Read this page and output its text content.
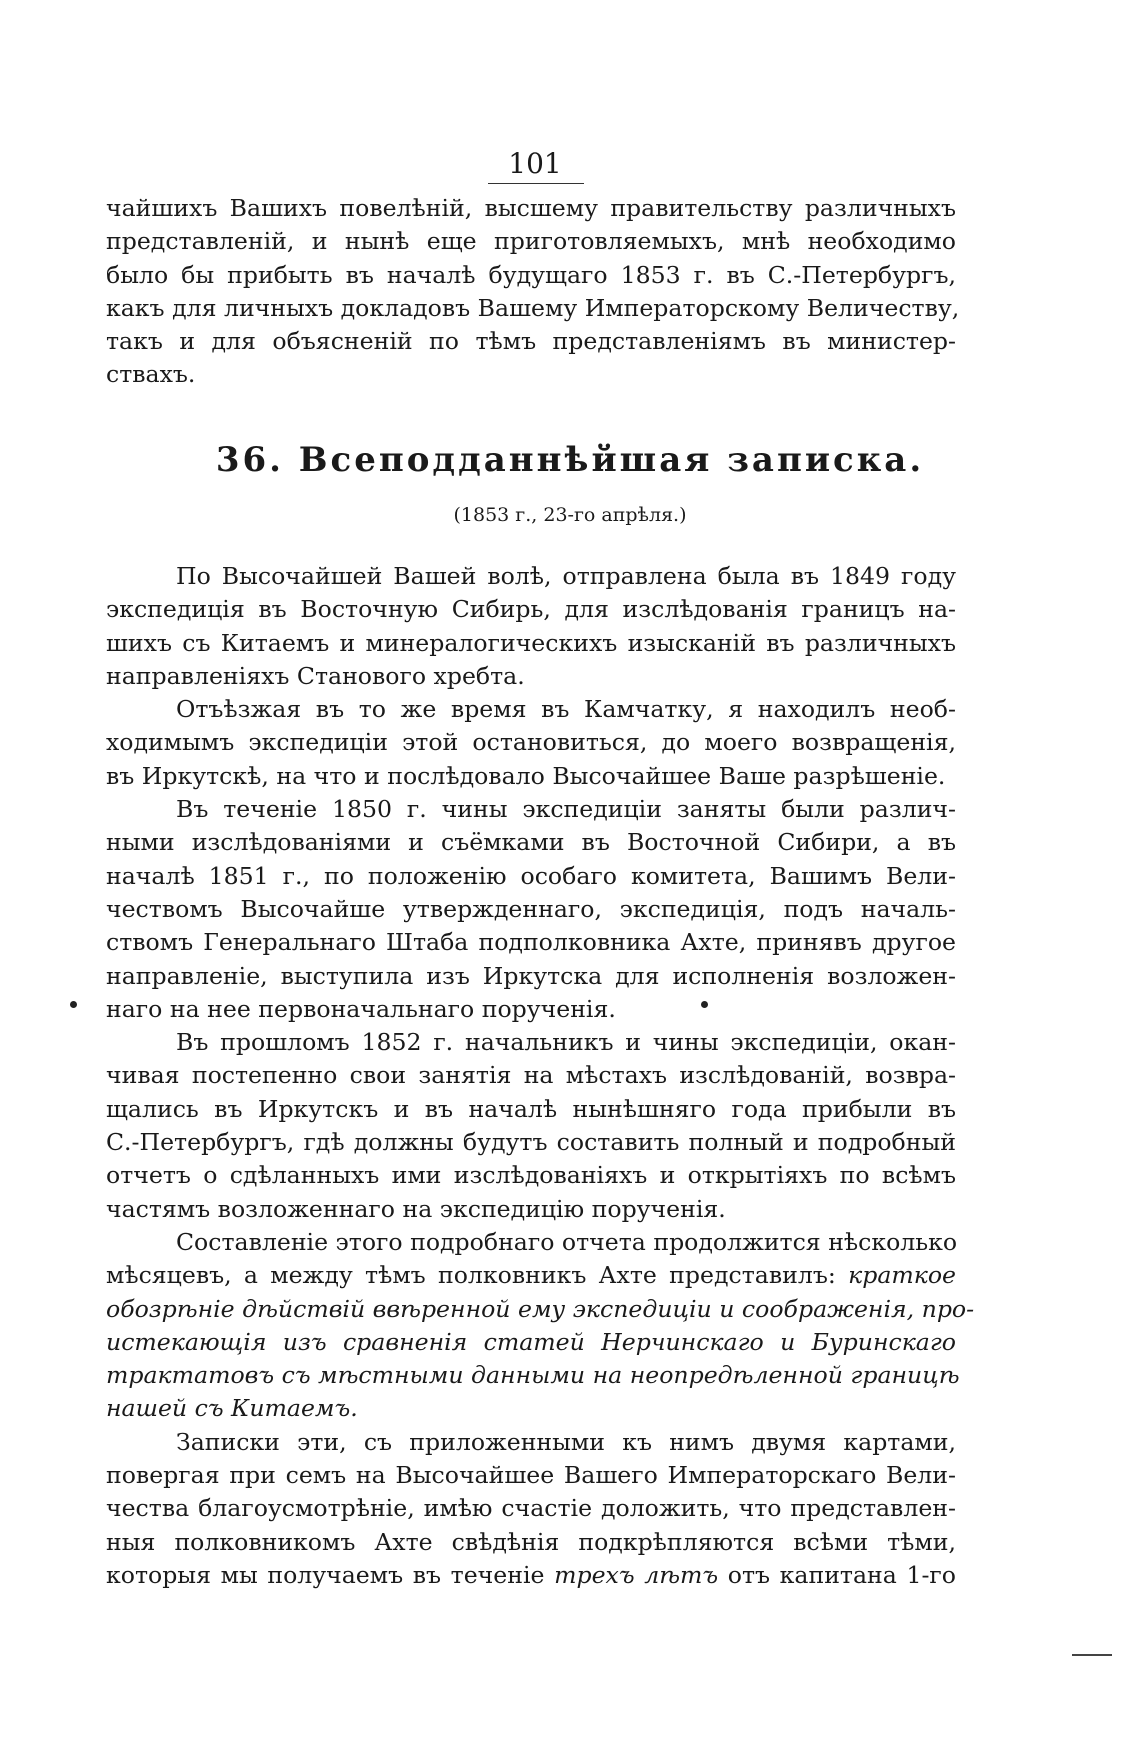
101
чайшихъ Вашихъ повелѣній, высшему правительству различныхъ
представленій, и нынѣ еще приготовляемыхъ, мнѣ необходимо
было бы прибыть въ началѣ будущаго 1853 г. въ С.-Петербургъ,
какъ для личныхъ докладовъ Вашему Императорскому Величеству,
такъ и для объясненій по тѣмъ представленіямъ въ министер-
ствахъ.
36. Всеподданнѣйшая записка.
(1853 г., 23-го апрѣля.)
По Высочайшей Вашей волѣ, отправлена была въ 1849 году
экспедиція въ Восточную Сибирь, для изслѣдованія границъ на-
шихъ съ Китаемъ и минералогическихъ изысканій въ различныхъ
направленіяхъ Станового хребта.
Отъѣзжая въ то же время въ Камчатку, я находилъ необ-
ходимымъ экспедиціи этой остановиться, до моего возвращенія,
въ Иркутскѣ, на что и послѣдовало Высочайшее Ваше разрѣшеніе.
Въ теченіе 1850 г. чины экспедиціи заняты были различ-
ными изслѣдованіями и съёмками въ Восточной Сибири, а въ
началѣ 1851 г., по положенію особаго комитета, Вашимъ Вели-
чествомъ Высочайше утвержденнаго, экспедиція, подъ началь-
ствомъ Генеральнаго Штаба подполковника Ахте, принявъ другое
направленіе, выступила изъ Иркутска для исполненія возложен-
наго на нее первоначальнаго порученія.
Въ прошломъ 1852 г. начальникъ и чины экспедиціи, окан-
чивая постепенно свои занятія на мѣстахъ изслѣдованій, возвра-
щались въ Иркутскъ и въ началѣ нынѣшняго года прибыли въ
С.-Петербургъ, гдѣ должны будутъ составить полный и подробный
отчетъ о сдѣланныхъ ими изслѣдованіяхъ и открытіяхъ по всѣмъ
частямъ возложеннаго на экспедицію порученія.
Составленіе этого подробнаго отчета продолжится нѣсколько
мѣсяцевъ, а между тѣмъ полковникъ Ахте представилъ: краткое
обозрѣніе дѣйствій ввѣренной ему экспедиціи и соображенія, про-
истекающія изъ сравненія статей Нерчинскаго и Буринскаго
трактатовъ съ мѣстными данными на неопредѣленной границѣ
нашей съ Китаемъ.
Записки эти, съ приложенными къ нимъ двумя картами,
повергая при семъ на Высочайшее Вашего Императорскаго Вели-
чества благоусмотрѣніе, имѣю счастіе доложить, что представлен-
ныя полковникомъ Ахте свѣдѣнія подкрѣпляются всѣми тѣми,
которыя мы получаемъ въ теченіе трехъ лѣтъ отъ капитана 1-го
